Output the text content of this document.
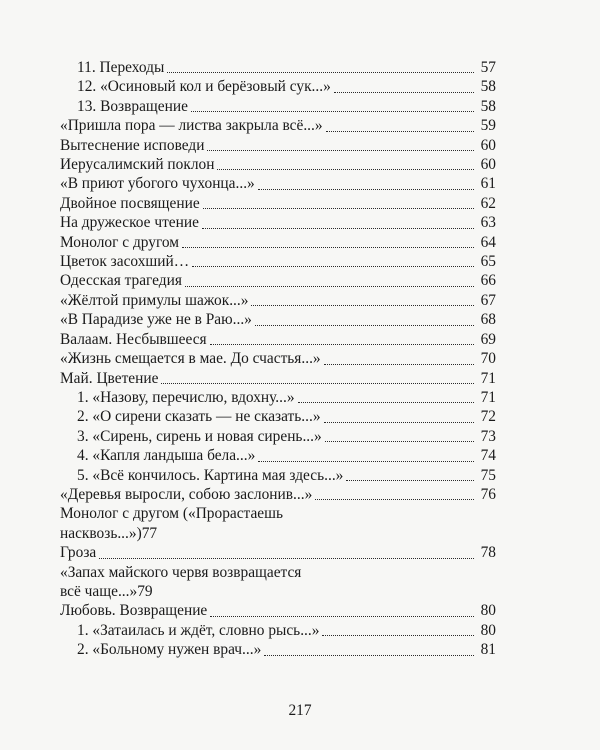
11. Переходы	57
12. «Осиновый кол и берёзовый сук...»	58
13. Возвращение	58
«Пришла пора — листва закрыла всё...»	59
Вытеснение исповеди	60
Иерусалимский поклон	60
«В приют убогого чухонца...»	61
Двойное посвящение	62
На дружеское чтение	63
Монолог с другом	64
Цветок засохший…	65
Одесская трагедия	66
«Жёлтой примулы шажок...»	67
«В Парадизе уже не в Раю...»	68
Валаам. Несбывшееся	69
«Жизнь смещается в мае. До счастья...»	70
Май. Цветение	71
1. «Назову, перечислю, вдохну...»	71
2. «О сирени сказать — не сказать...»	72
3. «Сирень, сирень и новая сирень...»	73
4. «Капля ландыша бела...»	74
5. «Всё кончилось. Картина мая здесь...»	75
«Деревья выросли, собою заслонив...»	76
Монолог с другом («Прорастаешь
насквозь...») 77
Гроза	78
«Запах майского червя возвращается
всё чаще...» 79
Любовь. Возвращение	80
1. «Затаилась и ждёт, словно рысь...»	80
2. «Больному нужен врач...»	81
217
